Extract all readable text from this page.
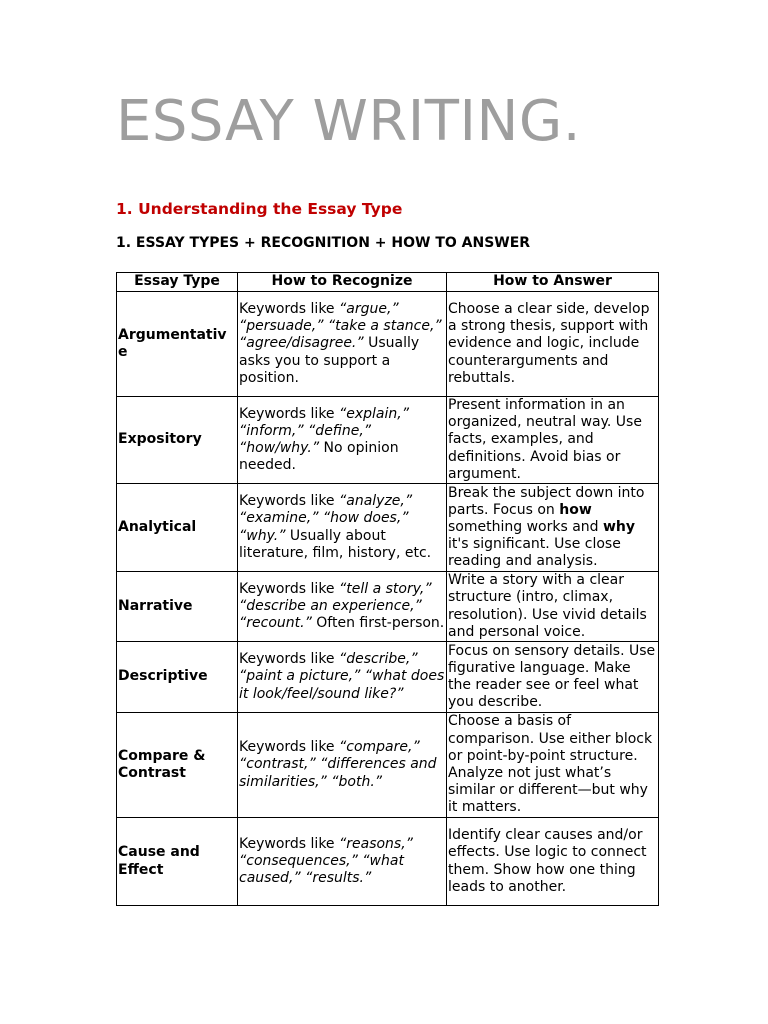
ESSAY WRITING.
1. Understanding the Essay Type
1. ESSAY TYPES + RECOGNITION + HOW TO ANSWER
Essay Type	How to Recognize	How to Answer
Argumentative	Keywords like “argue,” “persuade,” “take a stance,” “agree/disagree.” Usually asks you to support a position.	Choose a clear side, develop a strong thesis, support with evidence and logic, include counterarguments and rebuttals.
Expository	Keywords like “explain,” “inform,” “define,” “how/why.” No opinion needed.	Present information in an organized, neutral way. Use facts, examples, and definitions. Avoid bias or argument.
Analytical	Keywords like “analyze,” “examine,” “how does,” “why.” Usually about literature, film, history, etc.	Break the subject down into parts. Focus on how something works and why it's significant. Use close reading and analysis.
Narrative	Keywords like “tell a story,” “describe an experience,” “recount.” Often first-person.	Write a story with a clear structure (intro, climax, resolution). Use vivid details and personal voice.
Descriptive	Keywords like “describe,” “paint a picture,” “what does it look/feel/sound like?”	Focus on sensory details. Use figurative language. Make the reader see or feel what you describe.
Compare & Contrast	Keywords like “compare,” “contrast,” “differences and similarities,” “both.”	Choose a basis of comparison. Use either block or point-by-point structure. Analyze not just what’s similar or different—but why it matters.
Cause and Effect	Keywords like “reasons,” “consequences,” “what caused,” “results.”	Identify clear causes and/or effects. Use logic to connect them. Show how one thing leads to another.
